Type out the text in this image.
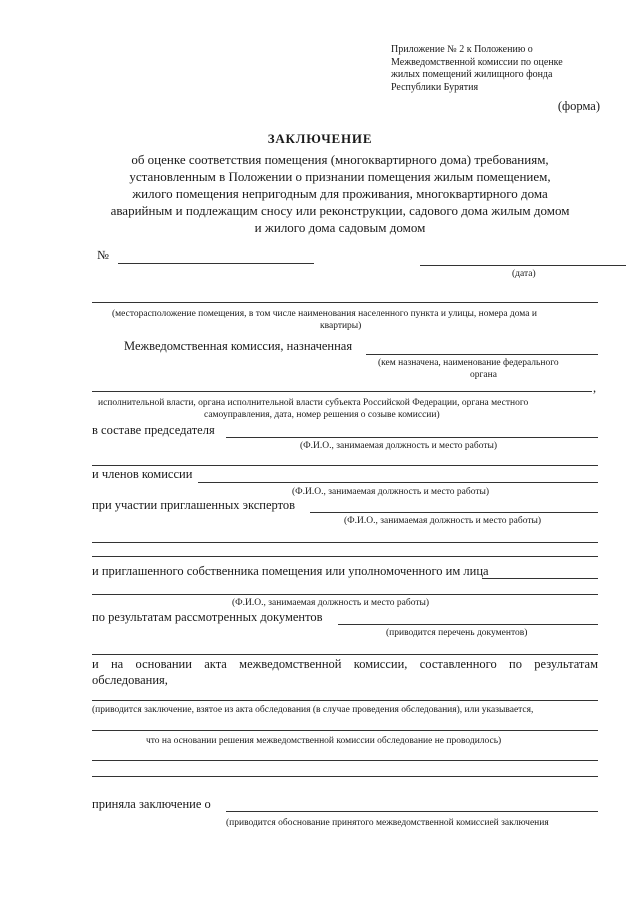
Приложение № 2 к Положению о
Межведомственной комиссии по оценке
жилых помещений жилищного фонда
Республики Бурятия
(форма)
ЗАКЛЮЧЕНИЕ
об оценке соответствия помещения (многоквартирного дома) требованиям,
установленным в Положении о признании помещения жилым помещением,
жилого помещения непригодным для проживания, многоквартирного дома
аварийным и подлежащим сносу или реконструкции, садового дома жилым домом
и жилого дома садовым домом
№
(дата)
(месторасположение помещения, в том числе наименования населенного пункта и улицы, номера дома и
квартиры)
Межведомственная комиссия, назначенная
(кем назначена, наименование федерального
органа
,
исполнительной власти, органа исполнительной власти субъекта Российской Федерации, органа местного
самоуправления, дата, номер решения о созыве комиссии)
в составе председателя
(Ф.И.О., занимаемая должность и место работы)
и членов комиссии
(Ф.И.О., занимаемая должность и место работы)
при участии приглашенных экспертов
(Ф.И.О., занимаемая должность и место работы)
и приглашенного собственника помещения или уполномоченного им лица
(Ф.И.О., занимаемая должность и место работы)
по результатам рассмотренных документов
(приводится перечень документов)
и на основании акта межведомственной комиссии, составленного по результатам
обследования,
(приводится заключение, взятое из акта обследования (в случае проведения обследования), или указывается,
что на основании решения межведомственной комиссии обследование не проводилось)
приняла заключение о
(приводится обоснование принятого межведомственной комиссией заключения
